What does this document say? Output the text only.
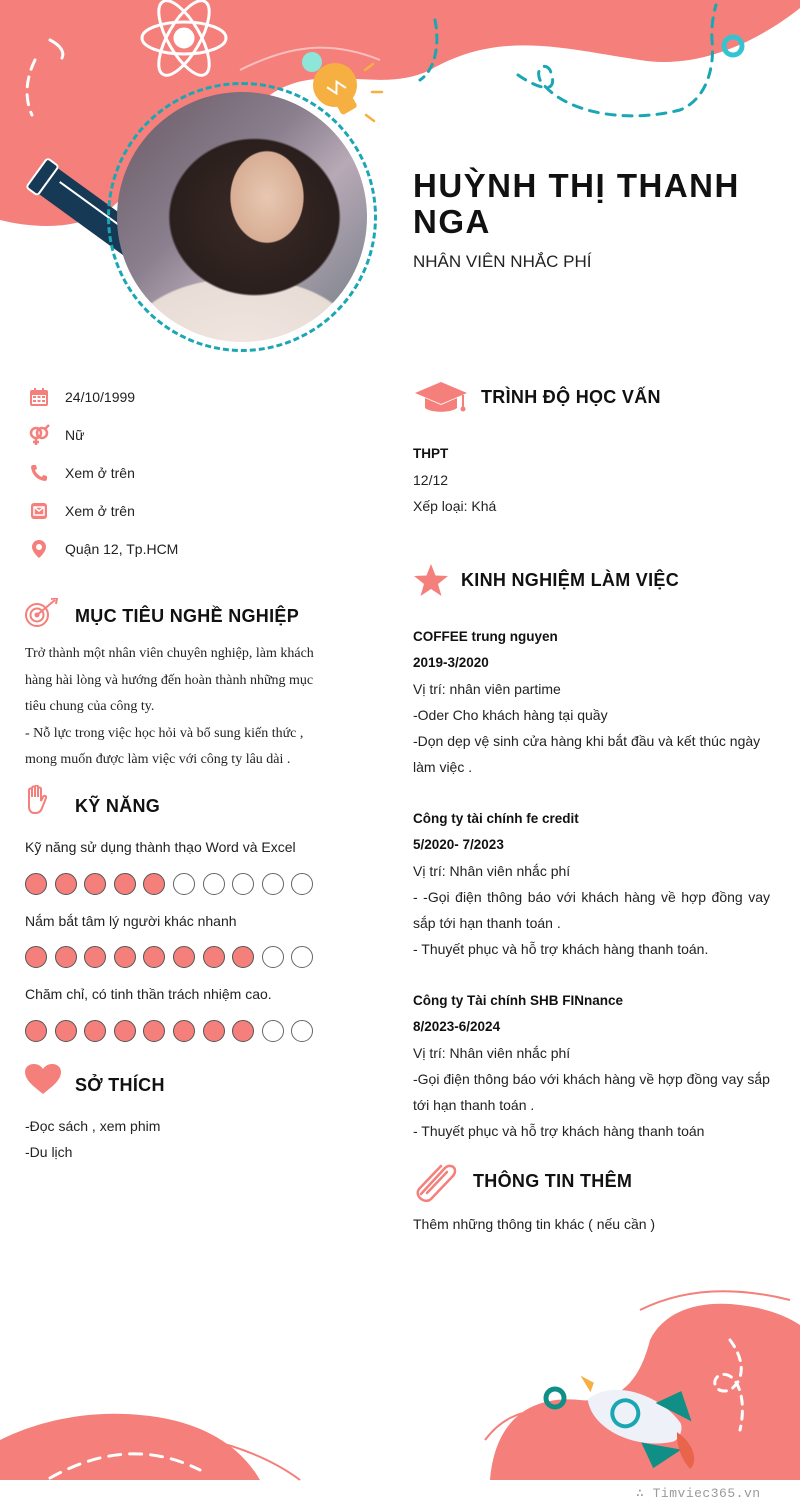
HUỲNH THỊ THANH
NGA
NHÂN VIÊN NHẮC PHÍ
24/10/1999
Nữ
Xem ở trên
Xem ở trên
Quận 12, Tp.HCM
MỤC TIÊU NGHỀ NGHIỆP
Trở thành một nhân viên chuyên nghiệp, làm khách
hàng hài lòng và hướng đến hoàn thành những mục
tiêu chung của công ty.
- Nỗ lực trong việc học hỏi và bổ sung kiến thức ,
mong muốn được làm việc với công ty lâu dài .
KỸ NĂNG
Kỹ năng sử dụng thành thạo Word và Excel
Nắm bắt tâm lý người khác nhanh
Chăm chỉ, có tinh thần trách nhiệm cao.
SỞ THÍCH
-Đọc sách , xem phim
-Du lịch
TRÌNH ĐỘ HỌC VẤN
THPT
12/12
Xếp loại: Khá
KINH NGHIỆM LÀM VIỆC
COFFEE trung nguyen
2019-3/2020
Vị trí: nhân viên partime
-Oder Cho khách hàng tại quầy
-Dọn dẹp vệ sinh cửa hàng khi bắt đầu và kết thúc ngày
làm việc .
Công ty tài chính fe credit
5/2020- 7/2023
Vị trí: Nhân viên nhắc phí
- -Gọi điện thông báo với khách hàng về hợp đồng vay
sắp tới hạn thanh toán .
- Thuyết phục và hỗ trợ khách hàng thanh toán.
Công ty Tài chính SHB FINnance
8/2023-6/2024
Vị trí: Nhân viên nhắc phí
-Gọi điện thông báo với khách hàng về hợp đồng vay sắp
tới hạn thanh toán .
- Thuyết phục và hỗ trợ khách hàng thanh toán
THÔNG TIN THÊM
Thêm những thông tin khác ( nếu cần )
∴ Timviec365.vn
